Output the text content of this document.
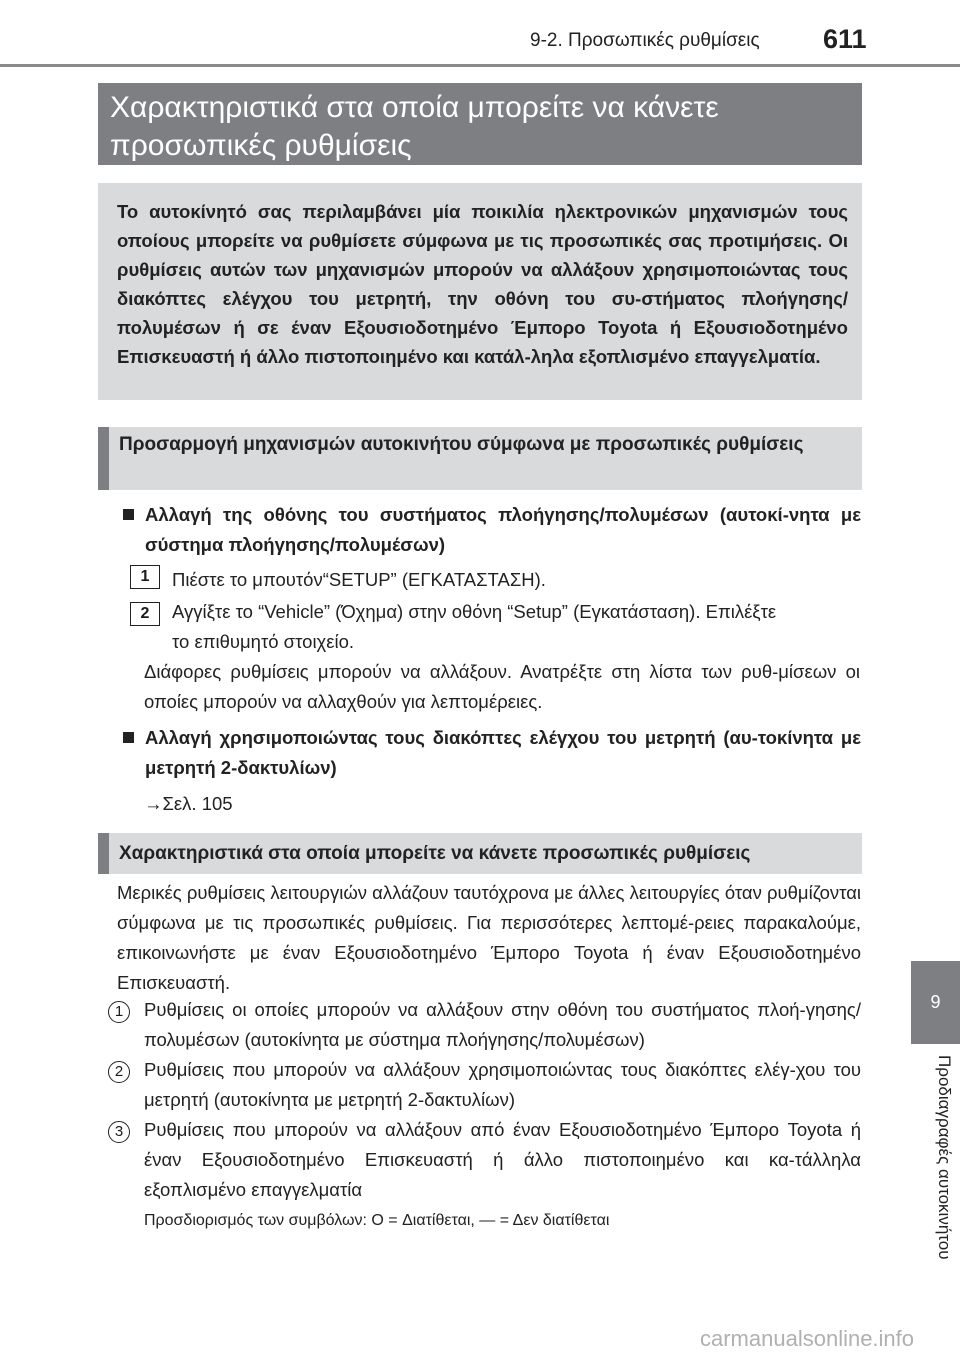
9-2. Προσωπικές ρυθμίσεις 611
Χαρακτηριστικά στα οποία μπορείτε να κάνετε προσωπικές ρυθμίσεις
Το αυτοκίνητό σας περιλαμβάνει μία ποικιλία ηλεκτρονικών μηχανισμών τους οποίους μπορείτε να ρυθμίσετε σύμφωνα με τις προσωπικές σας προτιμήσεις. Οι ρυθμίσεις αυτών των μηχανισμών μπορούν να αλλάξουν χρησιμοποιώντας τους διακόπτες ελέγχου του μετρητή, την οθόνη του συ-στήματος πλοήγησης/πολυμέσων ή σε έναν Εξουσιοδοτημένο Έμπορο Toyota ή Εξουσιοδοτημένο Επισκευαστή ή άλλο πιστοποιημένο και κατάλ-ληλα εξοπλισμένο επαγγελματία.
Προσαρμογή μηχανισμών αυτοκινήτου σύμφωνα με προσωπικές ρυθμίσεις
Αλλαγή της οθόνης του συστήματος πλοήγησης/πολυμέσων (αυτοκί-νητα με σύστημα πλοήγησης/πολυμέσων)
1	Πιέστε το μπουτόν“SETUP” (ΕΓΚΑΤΑΣΤΑΣΗ).
2	Αγγίξτε το “Vehicle” (Όχημα) στην οθόνη “Setup” (Εγκατάσταση). Επιλέξτε το επιθυμητό στοιχείο.
Διάφορες ρυθμίσεις μπορούν να αλλάξουν. Ανατρέξτε στη λίστα των ρυθ-μίσεων οι οποίες μπορούν να αλλαχθούν για λεπτομέρειες.
Αλλαγή χρησιμοποιώντας τους διακόπτες ελέγχου του μετρητή (αυ-τοκίνητα με μετρητή 2-δακτυλίων)
→Σελ. 105
Χαρακτηριστικά στα οποία μπορείτε να κάνετε προσωπικές ρυθμίσεις
Μερικές ρυθμίσεις λειτουργιών αλλάζουν ταυτόχρονα με άλλες λειτουργίες όταν ρυθμίζονται σύμφωνα με τις προσωπικές ρυθμίσεις. Για περισσότερες λεπτομέ-ρειες παρακαλούμε, επικοινωνήστε με έναν Εξουσιοδοτημένο Έμπορο Toyota ή έναν Εξουσιοδοτημένο Επισκευαστή.
1	Ρυθμίσεις οι οποίες μπορούν να αλλάξουν στην οθόνη του συστήματος πλοή-γησης/πολυμέσων (αυτοκίνητα με σύστημα πλοήγησης/πολυμέσων)
2	Ρυθμίσεις που μπορούν να αλλάξουν χρησιμοποιώντας τους διακόπτες ελέγ-χου του μετρητή (αυτοκίνητα με μετρητή 2-δακτυλίων)
3	Ρυθμίσεις που μπορούν να αλλάξουν από έναν Εξουσιοδοτημένο Έμπορο Toyota ή έναν Εξουσιοδοτημένο Επισκευαστή ή άλλο πιστοποιημένο και κα-τάλληλα εξοπλισμένο επαγγελματία
Προσδιορισμός των συμβόλων: O = Διατίθεται, — = Δεν διατίθεται
9
Προδιαγραφές αυτοκινήτου
carmanualsonline.info
